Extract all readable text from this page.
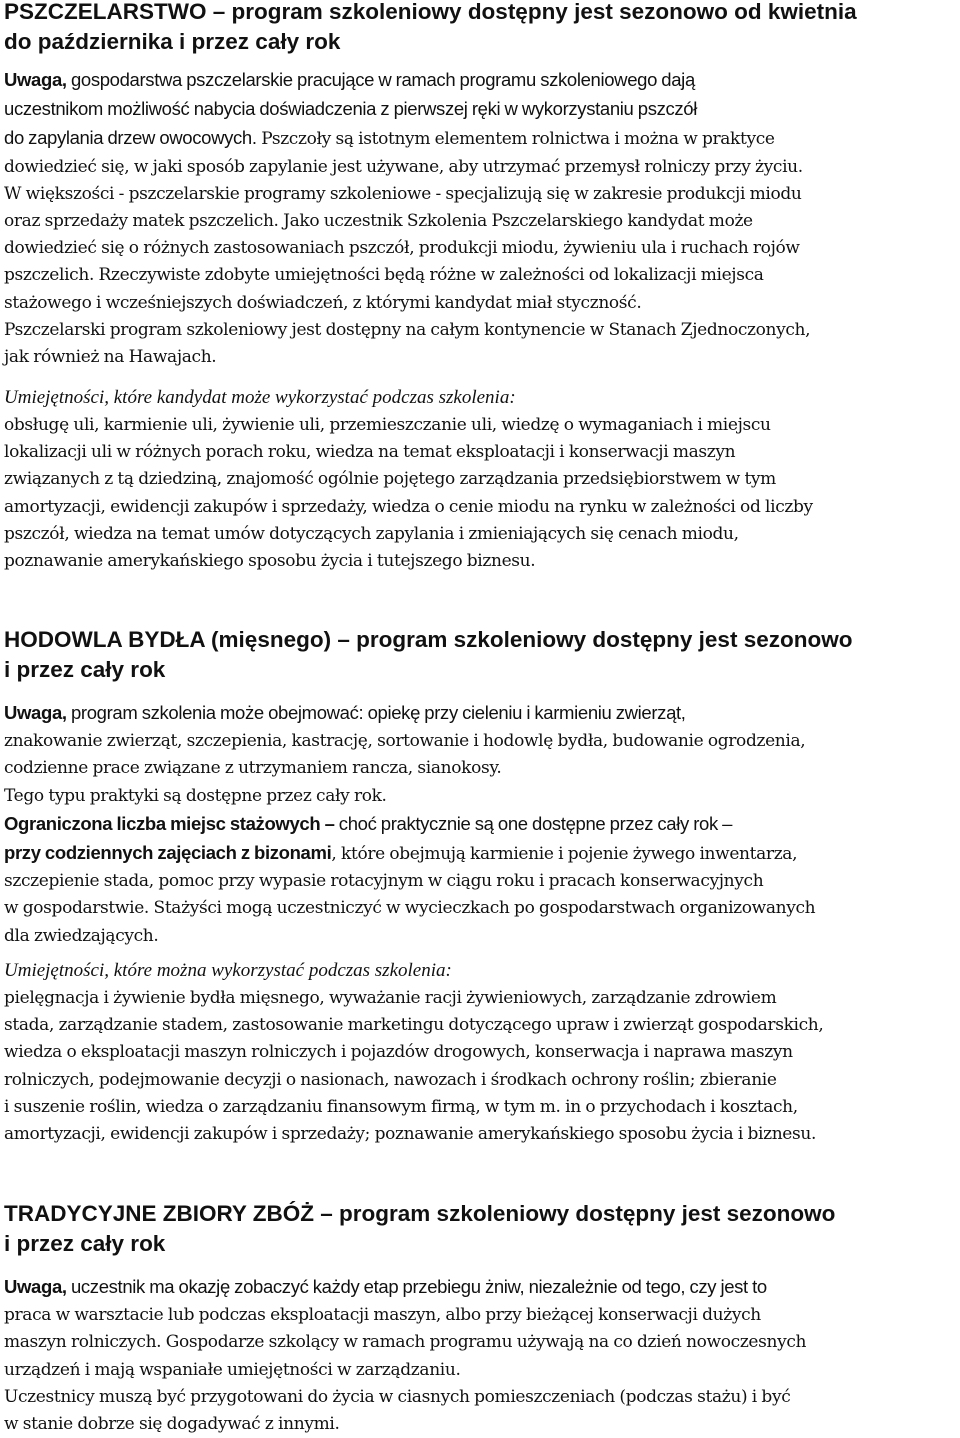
PSZCZELARSTWO – program szkoleniowy dostępny jest sezonowo od kwietnia
do października i przez cały rok

Uwaga, gospodarstwa pszczelarskie pracujące w ramach programu szkoleniowego dają
uczestnikom możliwość nabycia doświadczenia z pierwszej ręki w wykorzystaniu pszczół
do zapylania drzew owocowych. Pszczoły są istotnym elementem rolnictwa i można w praktyce
dowiedzieć się, w jaki sposób zapylanie jest używane, aby utrzymać przemysł rolniczy przy życiu.
W większości - pszczelarskie programy szkoleniowe - specjalizują się w zakresie produkcji miodu
oraz sprzedaży matek pszczelich. Jako uczestnik Szkolenia Pszczelarskiego kandydat może
dowiedzieć się o różnych zastosowaniach pszczół, produkcji miodu, żywieniu ula i ruchach rojów
pszczelich. Rzeczywiste zdobyte umiejętności będą różne w zależności od lokalizacji miejsca
stażowego i wcześniejszych doświadczeń, z którymi kandydat miał styczność.
Pszczelarski program szkoleniowy jest dostępny na całym kontynencie w Stanach Zjednoczonych,
jak również na Hawajach.

Umiejętności, które kandydat może wykorzystać podczas szkolenia:

obsługę uli, karmienie uli, żywienie uli, przemieszczanie uli, wiedzę o wymaganiach i miejscu
lokalizacji uli w różnych porach roku, wiedza na temat eksploatacji i konserwacji maszyn
związanych z tą dziedziną, znajomość ogólnie pojętego zarządzania przedsiębiorstwem w tym
amortyzacji, ewidencji zakupów i sprzedaży, wiedza o cenie miodu na rynku w zależności od liczby
pszczół, wiedza na temat umów dotyczących zapylania i zmieniających się cenach miodu,
poznawanie amerykańskiego sposobu życia i tutejszego biznesu.

HODOWLA BYDŁA (mięsnego) – program szkoleniowy dostępny jest sezonowo
i przez cały rok

Uwaga, program szkolenia może obejmować: opiekę przy cieleniu i karmieniu zwierząt,
znakowanie zwierząt, szczepienia, kastrację, sortowanie i hodowlę bydła, budowanie ogrodzenia,
codzienne prace związane z utrzymaniem rancza, sianokosy.
Tego typu praktyki są dostępne przez cały rok.
Ograniczona liczba miejsc stażowych – choć praktycznie są one dostępne przez cały rok –
przy codziennych zajęciach z bizonami, które obejmują karmienie i pojenie żywego inwentarza,
szczepienie stada, pomoc przy wypasie rotacyjnym w ciągu roku i pracach konserwacyjnych
w gospodarstwie. Stażyści mogą uczestniczyć w wycieczkach po gospodarstwach organizowanych
dla zwiedzających.

Umiejętności, które można wykorzystać podczas szkolenia:

pielęgnacja i żywienie bydła mięsnego, wyważanie racji żywieniowych, zarządzanie zdrowiem
stada, zarządzanie stadem, zastosowanie marketingu dotyczącego upraw i zwierząt gospodarskich,
wiedza o eksploatacji maszyn rolniczych i pojazdów drogowych, konserwacja i naprawa maszyn
rolniczych, podejmowanie decyzji o nasionach, nawozach i środkach ochrony roślin; zbieranie
i suszenie roślin, wiedza o zarządzaniu finansowym firmą, w tym m. in o przychodach i kosztach,
amortyzacji, ewidencji zakupów i sprzedaży; poznawanie amerykańskiego sposobu życia i biznesu.

TRADYCYJNE ZBIORY ZBÓŻ – program szkoleniowy dostępny jest sezonowo
i przez cały rok

Uwaga, uczestnik ma okazję zobaczyć każdy etap przebiegu żniw, niezależnie od tego, czy jest to
praca w warsztacie lub podczas eksploatacji maszyn, albo przy bieżącej konserwacji dużych
maszyn rolniczych. Gospodarze szkolący w ramach programu używają na co dzień nowoczesnych
urządzeń i mają wspaniałe umiejętności w zarządzaniu.
Uczestnicy muszą być przygotowani do życia w ciasnych pomieszczeniach (podczas stażu) i być
w stanie dobrze się dogadywać z innymi.
